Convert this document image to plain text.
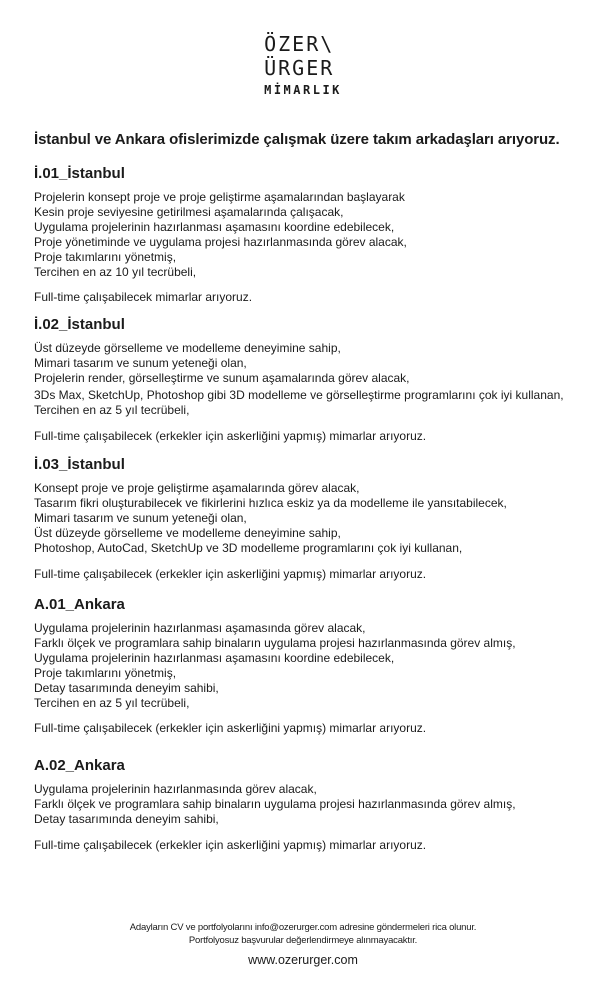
ÖZER\
ÜRGER
MİMARLIK
İstanbul ve Ankara ofislerimizde çalışmak üzere takım arkadaşları arıyoruz.
İ.01_İstanbul
Projelerin konsept proje ve proje geliştirme aşamalarından başlayarak
Kesin proje seviyesine getirilmesi aşamalarında çalışacak,
Uygulama projelerinin hazırlanması aşamasını koordine edebilecek,
Proje yönetiminde ve uygulama projesi hazırlanmasında görev alacak,
Proje takımlarını yönetmiş,
Tercihen en az 10 yıl tecrübeli,
Full-time çalışabilecek mimarlar arıyoruz.
İ.02_İstanbul
Üst düzeyde görselleme ve modelleme deneyimine sahip,
Mimari tasarım ve sunum yeteneği olan,
Projelerin render, görselleştirme ve sunum aşamalarında görev alacak,
3Ds Max, SketchUp, Photoshop gibi 3D modelleme ve görselleştirme programlarını çok iyi kullanan,
Tercihen en az 5 yıl tecrübeli,
Full-time çalışabilecek (erkekler için askerliğini yapmış) mimarlar arıyoruz.
İ.03_İstanbul
Konsept proje ve proje geliştirme aşamalarında görev alacak,
Tasarım fikri oluşturabilecek ve fikirlerini hızlıca eskiz ya da modelleme ile yansıtabilecek,
Mimari tasarım ve sunum yeteneği olan,
Üst düzeyde görselleme ve modelleme deneyimine sahip,
Photoshop, AutoCad, SketchUp ve 3D modelleme programlarını çok iyi kullanan,
Full-time çalışabilecek (erkekler için askerliğini yapmış) mimarlar arıyoruz.
A.01_Ankara
Uygulama projelerinin hazırlanması aşamasında görev alacak,
Farklı ölçek ve programlara sahip binaların uygulama projesi hazırlanmasında görev almış,
Uygulama projelerinin hazırlanması aşamasını koordine edebilecek,
Proje takımlarını yönetmiş,
Detay tasarımında deneyim sahibi,
Tercihen en az 5 yıl tecrübeli,
Full-time çalışabilecek (erkekler için askerliğini yapmış) mimarlar arıyoruz.
A.02_Ankara
Uygulama projelerinin hazırlanmasında görev alacak,
Farklı ölçek ve programlara sahip binaların uygulama projesi hazırlanmasında görev almış,
Detay tasarımında deneyim sahibi,
Full-time çalışabilecek (erkekler için askerliğini yapmış) mimarlar arıyoruz.
Adayların CV ve portfolyolarını info@ozerurger.com adresine göndermeleri rica olunur.
Portfolyosuz başvurular değerlendirmeye alınmayacaktır.
www.ozerurger.com
